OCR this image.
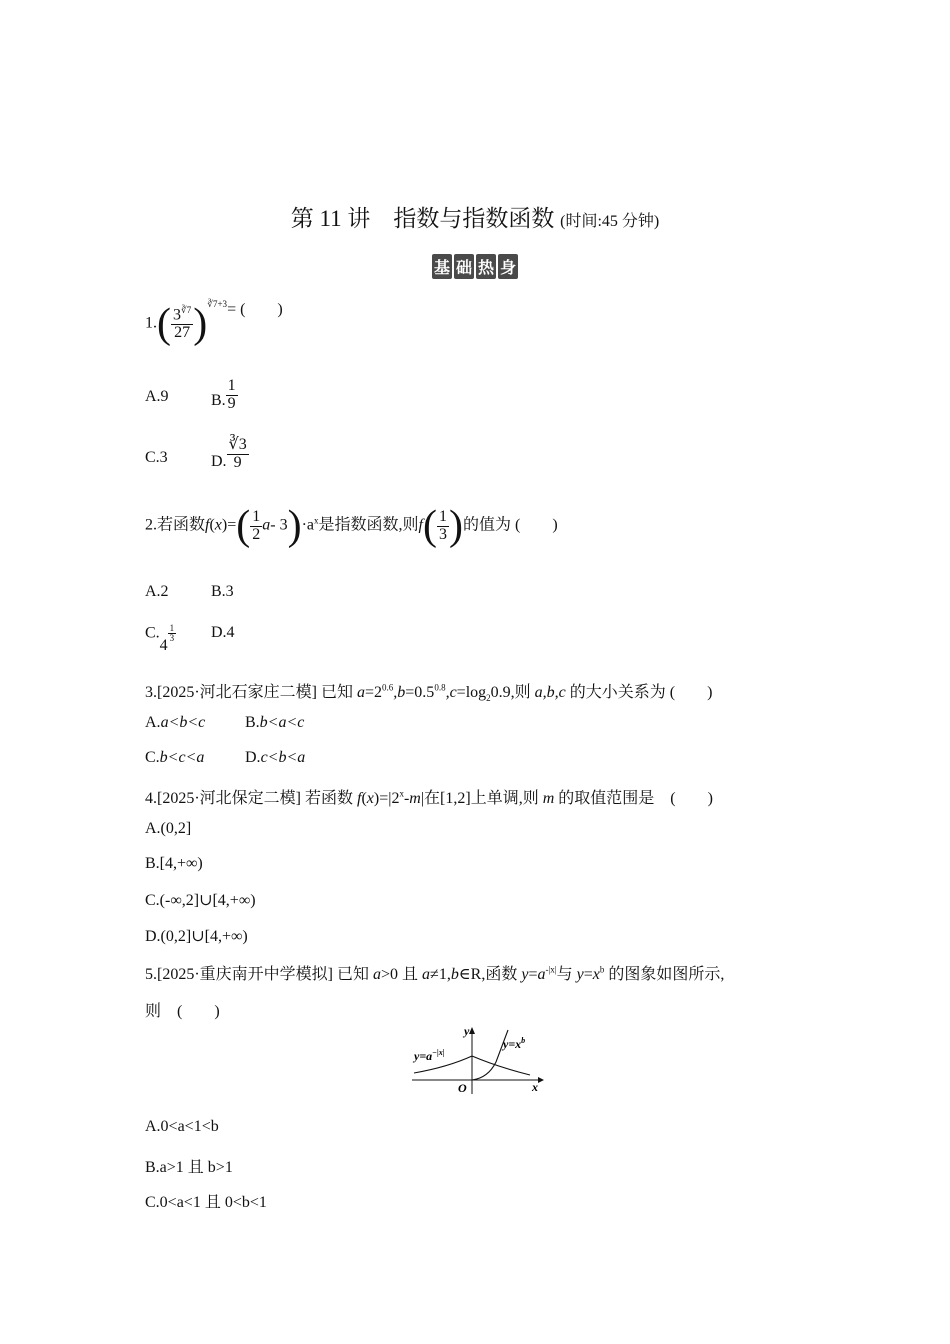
第 11 讲　指数与指数函数 (时间:45 分钟)
基 础 热 身
$1.( \frac{3^{∛7}}{27} )^{∛7+3}=$ (　　)
A.9	B. $\frac{1}{9}$
C.3	D. $\frac{∛3}{9}$
2.若函数$f(x)=( \frac{1}{2} a-$ $3)\cdot a^x$是指数函数,则$f( \frac{1}{3}$ )的值为 (　　)
A.2	B.3
C.4
$\frac{1}{3} D.4$
3.[2025·河北石家庄二模] 已知 $a=2^{0.6},b=0.5^{0.8},c=\log_20.9$,则 a,b,c 的大小关系为 (　　)
A.a<b<c B.b<a<c
C.b<c<a	D.c<b<a
4.[2025·河北保定二模] 若函数 $f(x)=|2^x-m|$在[1,2]上单调,则 m 的取值范围是　(　　)
A.(0,2]
B.[4,+∞)
C.(-∞,2]∪[4,+∞)
D.(0,2]∪[4,+∞)
5.[2025·重庆南开中学模拟] 已知 a>0 且 a≠1,b∈R,函数 $y=a^{-|x|}$与 $y=x^b$ 的图象如图所示,
则　(　　)
$y=a^{-|x|}$
$y=x^b$
y
x
O
A.0<a<1<b
B.a>1 且 b>1
C.0<a<1 且 0<b<1
